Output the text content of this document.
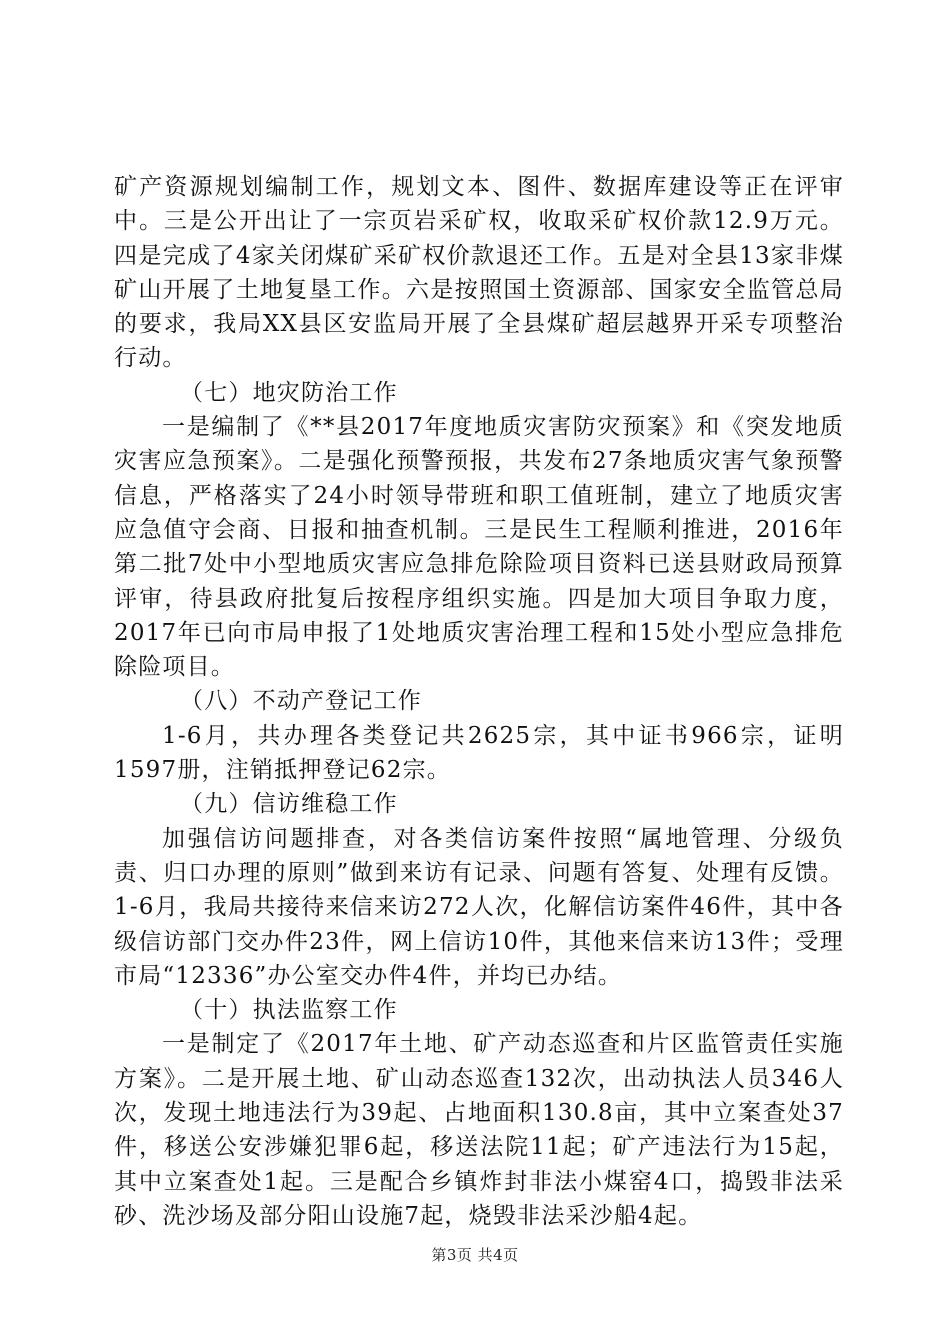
矿产资源规划编制工作，规划文本、图件、数据库建设等正在评审中。三是公开出让了一宗页岩采矿权，收取采矿权价款12.9万元。四是完成了4家关闭煤矿采矿权价款退还工作。五是对全县13家非煤矿山开展了土地复垦工作。六是按照国土资源部、国家安全监管总局的要求，我局XX县区安监局开展了全县煤矿超层越界开采专项整治行动。

（七）地灾防治工作

一是编制了《**县2017年度地质灾害防灾预案》和《突发地质灾害应急预案》。二是强化预警预报，共发布27条地质灾害气象预警信息，严格落实了24小时领导带班和职工值班制，建立了地质灾害应急值守会商、日报和抽查机制。三是民生工程顺利推进，2016年第二批7处中小型地质灾害应急排危除险项目资料已送县财政局预算评审，待县政府批复后按程序组织实施。四是加大项目争取力度，2017年已向市局申报了1处地质灾害治理工程和15处小型应急排危除险项目。

（八）不动产登记工作

1-6月，共办理各类登记共2625宗，其中证书966宗，证明1597册，注销抵押登记62宗。

（九）信访维稳工作

加强信访问题排查，对各类信访案件按照“属地管理、分级负责、归口办理的原则”做到来访有记录、问题有答复、处理有反馈。1-6月，我局共接待来信来访272人次，化解信访案件46件，其中各级信访部门交办件23件，网上信访10件，其他来信来访13件；受理市局“12336”办公室交办件4件，并均已办结。

（十）执法监察工作

一是制定了《2017年土地、矿产动态巡查和片区监管责任实施方案》。二是开展土地、矿山动态巡查132次，出动执法人员346人次，发现土地违法行为39起、占地面积130.8亩，其中立案查处37件，移送公安涉嫌犯罪6起，移送法院11起；矿产违法行为15起，其中立案查处1起。三是配合乡镇炸封非法小煤窑4口，捣毁非法采砂、洗沙场及部分阳山设施7起，烧毁非法采沙船4起。

第3页 共4页
